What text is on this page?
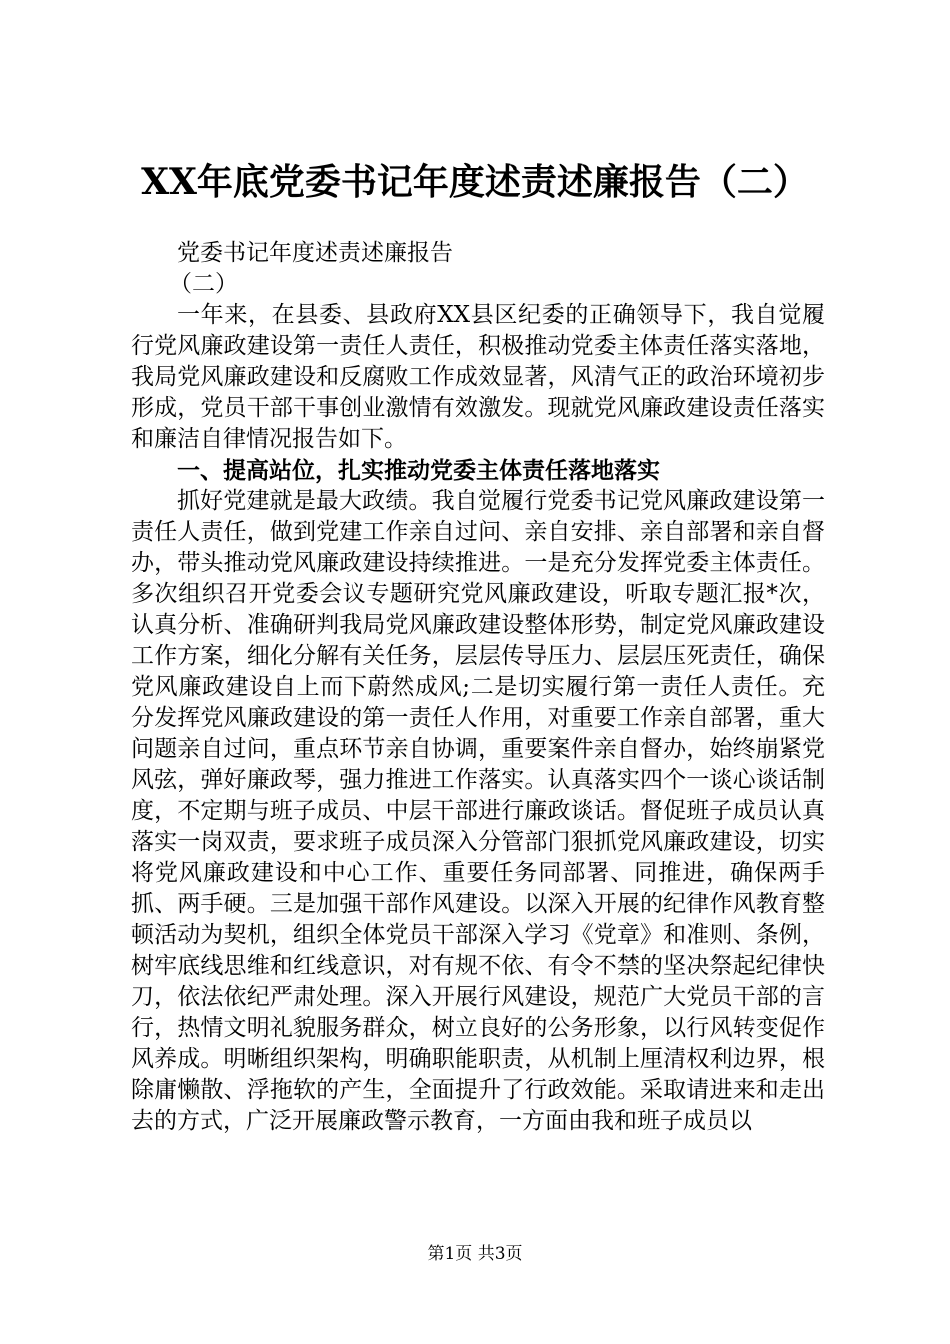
XX年底党委书记年度述责述廉报告（二）

党委书记年度述责述廉报告

（二）

一年来，在县委、县政府XX县区纪委的正确领导下，我自觉履行党风廉政建设第一责任人责任，积极推动党委主体责任落实落地，我局党风廉政建设和反腐败工作成效显著，风清气正的政治环境初步形成，党员干部干事创业激情有效激发。现就党风廉政建设责任落实和廉洁自律情况报告如下。

一、提高站位，扎实推动党委主体责任落地落实

抓好党建就是最大政绩。我自觉履行党委书记党风廉政建设第一责任人责任，做到党建工作亲自过问、亲自安排、亲自部署和亲自督办，带头推动党风廉政建设持续推进。一是充分发挥党委主体责任。多次组织召开党委会议专题研究党风廉政建设，听取专题汇报*次，认真分析、准确研判我局党风廉政建设整体形势，制定党风廉政建设工作方案，细化分解有关任务，层层传导压力、层层压死责任，确保党风廉政建设自上而下蔚然成风;二是切实履行第一责任人责任。充分发挥党风廉政建设的第一责任人作用，对重要工作亲自部署，重大问题亲自过问，重点环节亲自协调，重要案件亲自督办，始终崩紧党风弦，弹好廉政琴，强力推进工作落实。认真落实四个一谈心谈话制度，不定期与班子成员、中层干部进行廉政谈话。督促班子成员认真落实一岗双责，要求班子成员深入分管部门狠抓党风廉政建设，切实将党风廉政建设和中心工作、重要任务同部署、同推进，确保两手抓、两手硬。三是加强干部作风建设。以深入开展的纪律作风教育整顿活动为契机，组织全体党员干部深入学习《党章》和准则、条例，树牢底线思维和红线意识，对有规不依、有令不禁的坚决祭起纪律快刀，依法依纪严肃处理。深入开展行风建设，规范广大党员干部的言行，热情文明礼貌服务群众，树立良好的公务形象，以行风转变促作风养成。明晰组织架构，明确职能职责，从机制上厘清权利边界，根除庸懒散、浮拖软的产生，全面提升了行政效能。采取请进来和走出去的方式，广泛开展廉政警示教育，一方面由我和班子成员以

第1页 共3页
